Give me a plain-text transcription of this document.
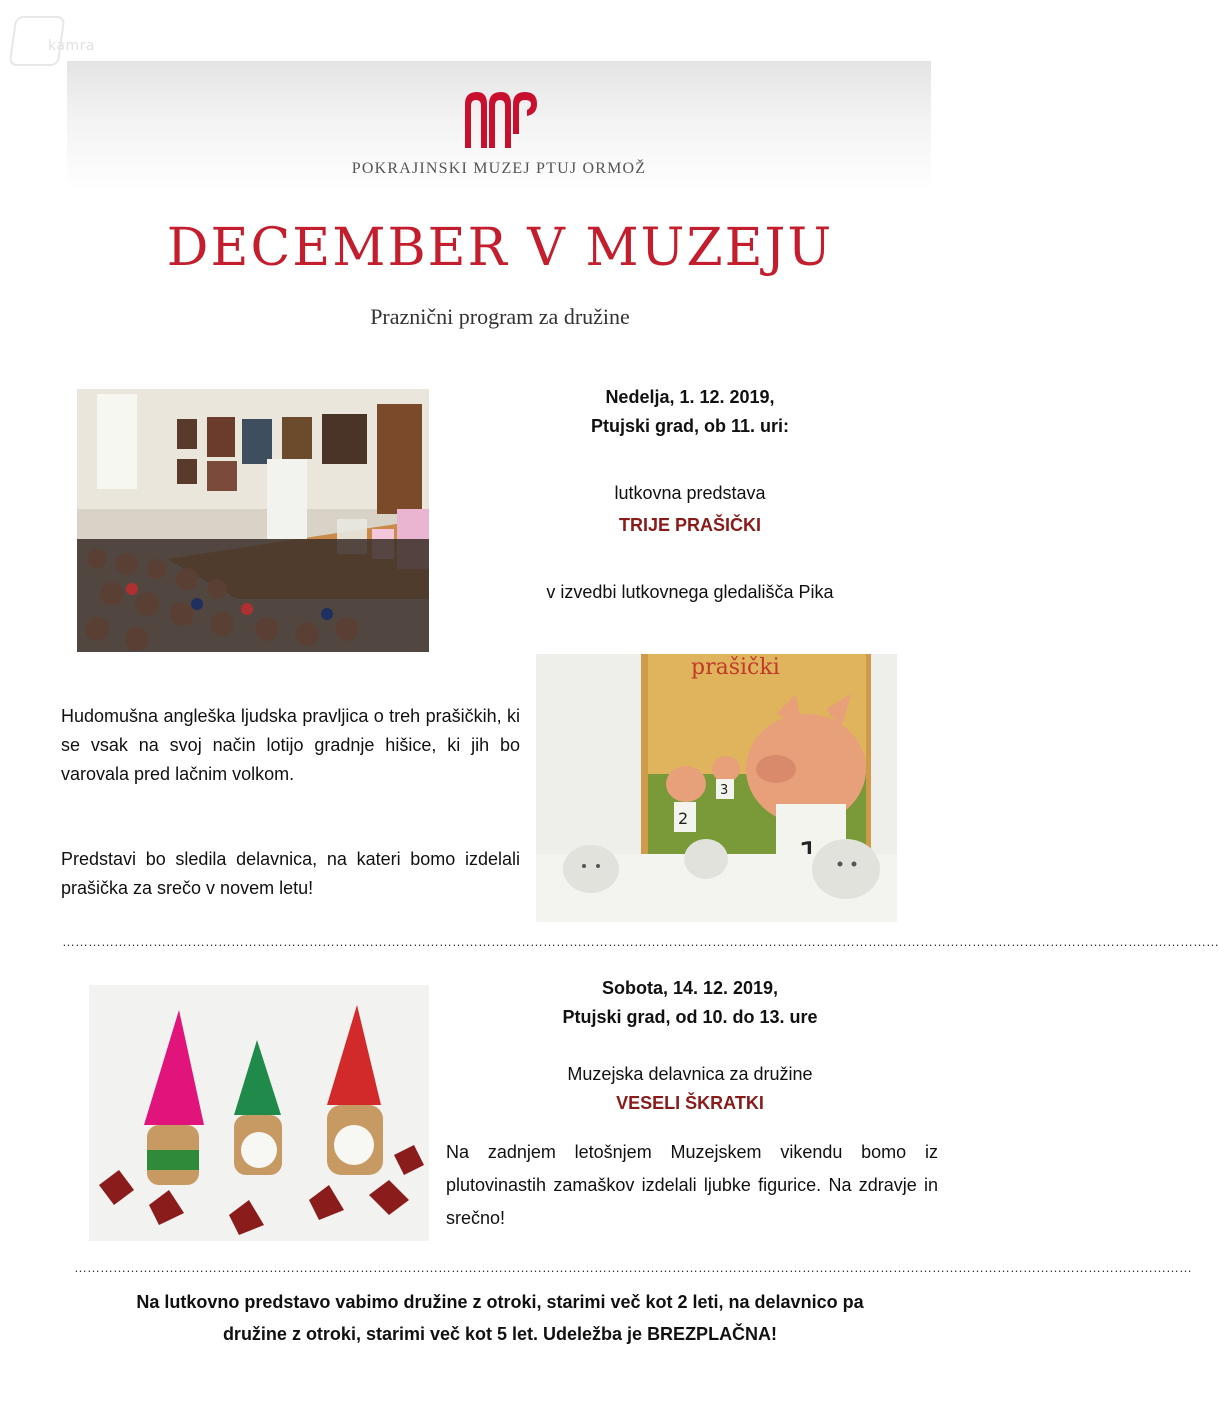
kamra
POKRAJINSKI MUZEJ PTUJ ORMOŽ
DECEMBER V MUZEJU
Praznični program za družine
Nedelja, 1. 12. 2019,
Ptujski grad, ob 11. uri:
lutkovna predstava
TRIJE PRAŠIČKI
v izvedbi lutkovnega gledališča Pika
Hudomušna angleška ljudska pravljica o treh prašičkih, ki se vsak na svoj način lotijo gradnje hišice, ki jih bo varovala pred lačnim volkom.
Predstavi bo sledila delavnica, na kateri bomo izdelali prašička za srečo v novem letu!
2
3
prašički
……………………………………………………………………………………………………………………………………………………………………………………………………………………………………………
Sobota, 14. 12. 2019,
Ptujski grad, od 10. do 13. ure
Muzejska delavnica za družine
VESELI ŠKRATKI
Na zadnjem letošnjem Muzejskem vikendu bomo iz plutovinastih zamaškov izdelali ljubke figurice. Na zdravje in srečno!
……………………………………………………………………………………………………………………………………………………………………………………………………………………………………
Na lutkovno predstavo vabimo družine z otroki, starimi več kot 2 leti, na delavnico pa
družine z otroki, starimi več kot 5 let. Udeležba je BREZPLAČNA!
